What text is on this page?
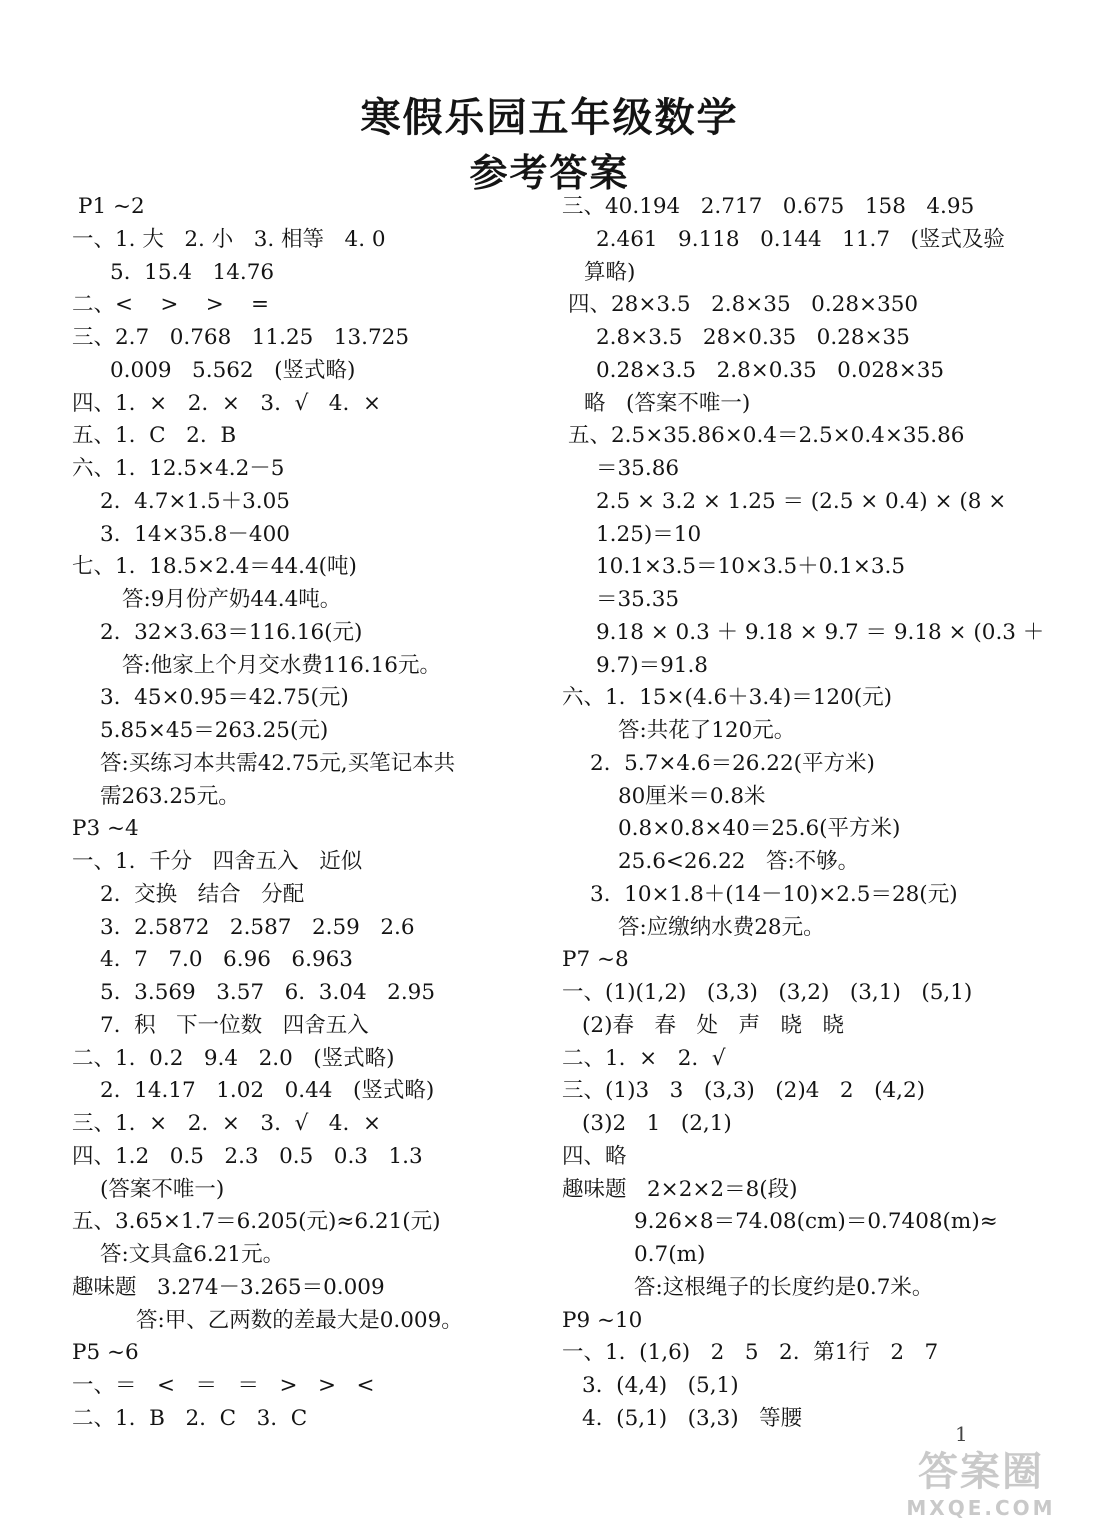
寒假乐园五年级数学
参考答案
P1 ~2
一、1. 大   2. 小   3. 相等   4. 0
5.  15.4   14.76
二、<    >    >    =
三、2.7   0.768   11.25   13.725
0.009   5.562   (竖式略)
四、1.  ×   2.  ×   3.  √   4.  ×
五、1.  C   2.  B
六、1.  12.5×4.2－5
2.  4.7×1.5＋3.05
3.  14×35.8－400
七、1.  18.5×2.4＝44.4(吨)
答:9月份产奶44.4吨。
2.  32×3.63＝116.16(元)
答:他家上个月交水费116.16元。
3.  45×0.95＝42.75(元)
5.85×45＝263.25(元)
答:买练习本共需42.75元,买笔记本共
需263.25元。
P3 ~4
一、1.  千分   四舍五入   近似
2.  交换   结合   分配
3.  2.5872   2.587   2.59   2.6
4.  7   7.0   6.96   6.963
5.  3.569   3.57   6.  3.04   2.95
7.  积   下一位数   四舍五入
二、1.  0.2   9.4   2.0   (竖式略)
2.  14.17   1.02   0.44   (竖式略)
三、1.  ×   2.  ×   3.  √   4.  ×
四、1.2   0.5   2.3   0.5   0.3   1.3
(答案不唯一)
五、3.65×1.7＝6.205(元)≈6.21(元)
答:文具盒6.21元。
趣味题   3.274－3.265＝0.009
答:甲、乙两数的差最大是0.009。
P5 ~6
一、＝   <   ＝   ＝   >   >   <
二、1.  B   2.  C   3.  C
三、40.194   2.717   0.675   158   4.95
2.461   9.118   0.144   11.7   (竖式及验
算略)
四、28×3.5   2.8×35   0.28×350
2.8×3.5   28×0.35   0.28×35
0.28×3.5   2.8×0.35   0.028×35
略   (答案不唯一)
五、2.5×35.86×0.4＝2.5×0.4×35.86
＝35.86
2.5 × 3.2 × 1.25 ＝ (2.5 × 0.4) × (8 ×
1.25)＝10
10.1×3.5＝10×3.5＋0.1×3.5
＝35.35
9.18 × 0.3 ＋ 9.18 × 9.7 ＝ 9.18 × (0.3 ＋
9.7)＝91.8
六、1.  15×(4.6＋3.4)＝120(元)
答:共花了120元。
2.  5.7×4.6＝26.22(平方米)
80厘米＝0.8米
0.8×0.8×40＝25.6(平方米)
25.6<26.22   答:不够。
3.  10×1.8＋(14－10)×2.5＝28(元)
答:应缴纳水费28元。
P7 ~8
一、(1)(1,2)   (3,3)   (3,2)   (3,1)   (5,1)
(2)春   春   处   声   晓   晓
二、1.  ×   2.  √
三、(1)3   3   (3,3)   (2)4   2   (4,2)
(3)2   1   (2,1)
四、略
趣味题   2×2×2＝8(段)
9.26×8＝74.08(cm)＝0.7408(m)≈
0.7(m)
答:这根绳子的长度约是0.7米。
P9 ~10
一、1.  (1,6)   2   5   2.  第1行   2   7
3.  (4,4)   (5,1)
4.  (5,1)   (3,3)   等腰
1
答案圈
MXQE.COM
